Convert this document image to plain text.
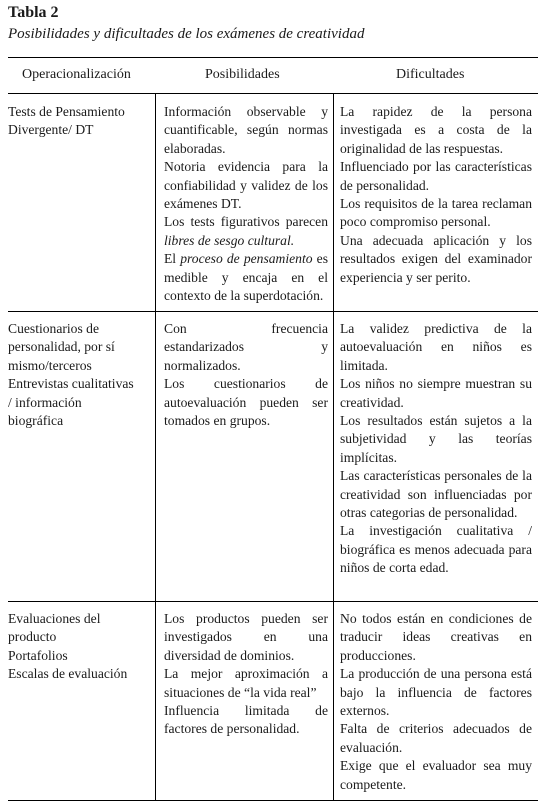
Tabla 2
Posibilidades y dificultades de los exámenes de creatividad
Operacionalización	Posibilidades	Dificultades

Tests de Pensamiento

Divergente/ DT

Información observable y cuantificable, según normas elaboradas.

Notoria evidencia para la confiabilidad y validez de los exámenes DT.

Los tests figurativos parecen libres de sesgo cultural.

El proceso de pensamiento es medible y encaja en el contexto de la superdotación.

La rapidez de la persona investigada es a costa de la originalidad de las respuestas.

Influenciado por las características de personalidad.

Los requisitos de la tarea reclaman poco compromiso personal.

Una adecuada aplicación y los resultados exigen del examinador experiencia y ser perito.

Cuestionarios de

personalidad, por sí

mismo/terceros

Entrevistas cualitativas

/ información

biográfica

Con frecuencia estandarizados y normalizados.

Los cuestionarios de autoevaluación pueden ser tomados en grupos.

La validez predictiva de la autoevaluación en niños es limitada.

Los niños no siempre muestran su creatividad.

Los resultados están sujetos a la subjetividad y las teorías implícitas.

Las características personales de la creatividad son influenciadas por otras categorias de personalidad.

La investigación cualitativa / biográfica es menos adecuada para niños de corta edad.

Evaluaciones del

producto

Portafolios

Escalas de evaluación

Los productos pueden ser investigados en una diversidad de dominios.

La mejor aproximación a situaciones de “la vida real”

Influencia limitada de factores de personalidad.

No todos están en condiciones de traducir ideas creativas en producciones.

La producción de una persona está bajo la influencia de factores externos.

Falta de criterios adecuados de evaluación.

Exige que el evaluador sea muy competente.
